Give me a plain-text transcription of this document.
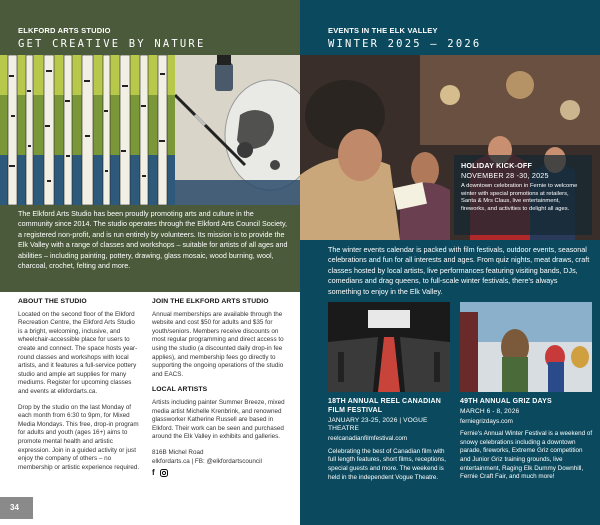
ELKFORD ARTS STUDIO
GET CREATIVE BY NATURE
The Elkford Arts Studio has been proudly promoting arts and culture in the community since 2014. The studio operates through the Elkford Arts Council Society, a registered non-profit, and is run entirely by volunteers. Its mission is to provide the Elk Valley with a range of classes and workshops – suitable for artists of all ages and abilities – including painting, pottery, drawing, glass mosaic, wood burning, wool, charcoal, crochet, felting and more.
ABOUT THE STUDIO

Located on the second floor of the Elkford Recreation Centre, the Elkford Arts Studio is a bright, welcoming, inclusive, and wheelchair-accessible place for users to create and connect. The space hosts year-round classes and workshops with local artists, and it features a full-service pottery studio and ample art supplies for many mediums. Register for upcoming classes and events at elkfordarts.ca.

Drop by the studio on the last Monday of each month from 6:30 to 9pm, for Mixed Media Mondays. This free, drop-in program for adults and youth (ages 16+) aims to promote mental health and artistic expression. Join in a guided activity or just enjoy the company of others – no membership or artistic experience required.

JOIN THE ELKFORD ARTS STUDIO

Annual memberships are available through the website and cost $50 for adults and $35 for youth/seniors. Members receive discounts on most regular programming and direct access to using the studio (a discounted daily drop-in fee applies), and membership fees go directly to supporting the ongoing operations of the studio and EACS.

LOCAL ARTISTS

Artists including painter Summer Breeze, mixed media artist Michelle Krenbrink, and renowned glassworker Katherine Russell are based in Elkford. Their work can be seen and purchased around the Elk Valley in exhibits and galleries.

816B Michel Road
elkfordarts.ca | FB: @elkfordartscouncil
f
34
EVENTS IN THE ELK VALLEY
WINTER 2025 – 2026
HOLIDAY KICK-OFF
NOVEMBER 28 -30, 2025
A downtown celebration in Fernie to welcome winter with special promotions at retailers, Santa & Mrs Claus, live entertainment, fireworks, and activities to delight all ages.
The winter events calendar is packed with film festivals, outdoor events, seasonal celebrations and fun for all interests and ages. From quiz nights, meat draws, craft classes hosted by local artists, live performances featuring visiting bands, DJs, comedians and drag queens, to full-scale winter festivals, there's always something to enjoy in the Elk Valley.
18TH ANNUAL REEL CANADIAN FILM FESTIVAL
JANUARY 23-25, 2026 | VOGUE THEATRE
reelcanadianfilmfestival.com
Celebrating the best of Canadian film with full length features, short films, receptions, special guests and more. The weekend is held in the independent Vogue Theatre.
49TH ANNUAL GRIZ DAYS
MARCH 6 - 8, 2026
ferniegrizdays.com
Fernie's Annual Winter Festival is a weekend of snowy celebrations including a downtown parade, fireworks, Extreme Griz competition and Junior Griz training grounds, live entertainment, Raging Elk Dummy Downhill, Fernie Craft Fair, and much more!
